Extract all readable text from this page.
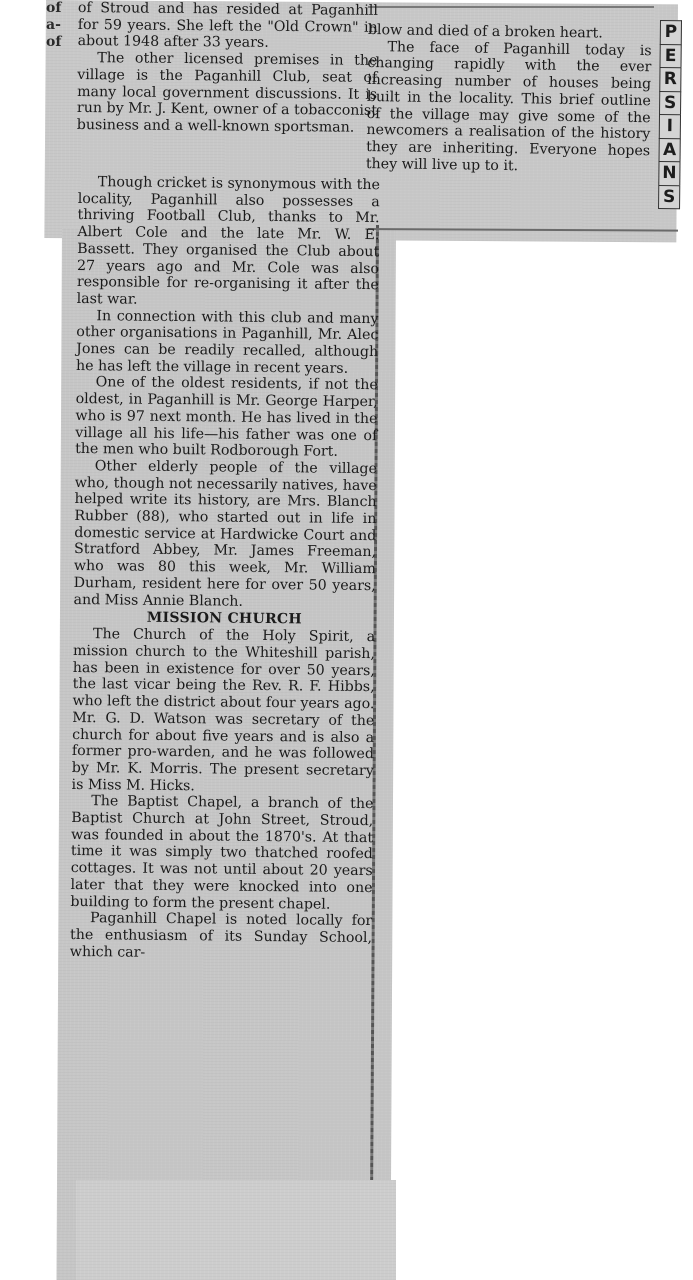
of
a-
of

of Stroud and has resided at Paganhill for 59 years. She left the "Old Crown" in about 1948 after 33 years.

The other licensed premises in the village is the Paganhill Club, seat of many local government discussions. It is run by Mr. J. Kent, owner of a tobacconist business and a well-known sportsman.

Though cricket is synonymous with the locality, Paganhill also possesses a thriving Football Club, thanks to Mr. Albert Cole and the late Mr. W. E. Bassett. They organised the Club about 27 years ago and Mr. Cole was also responsible for re-organising it after the last war.

In connection with this club and many other organisations in Paganhill, Mr. Alec Jones can be readily recalled, although he has left the village in recent years.

One of the oldest residents, if not the oldest, in Paganhill is Mr. George Harper, who is 97 next month. He has lived in the village all his life—his father was one of the men who built Rodborough Fort.

Other elderly people of the village who, though not necessarily natives, have helped write its history, are Mrs. Blanch Rubber (88), who started out in life in domestic service at Hardwicke Court and Stratford Abbey, Mr. James Freeman, who was 80 this week, Mr. William Durham, resident here for over 50 years, and Miss Annie Blanch.

MISSION CHURCH

The Church of the Holy Spirit, a mission church to the Whiteshill parish, has been in existence for over 50 years, the last vicar being the Rev. R. F. Hibbs, who left the district about four years ago. Mr. G. D. Watson was secretary of the church for about five years and is also a former pro-warden, and he was followed by Mr. K. Morris. The present secretary is Miss M. Hicks.

The Baptist Chapel, a branch of the Baptist Church at John Street, Stroud, was founded in about the 1870's. At that time it was simply two thatched roofed cottages. It was not until about 20 years later that they were knocked into one building to form the present chapel.

Paganhill Chapel is noted locally for the enthusiasm of its Sunday School, which car-

blow and died of a broken heart.

The face of Paganhill today is changing rapidly with the ever increasing number of houses being built in the locality. This brief outline of the village may give some of the newcomers a realisation of the history they are inheriting. Everyone hopes they will live up to it.

P
E
R
S
I
A
N
S
